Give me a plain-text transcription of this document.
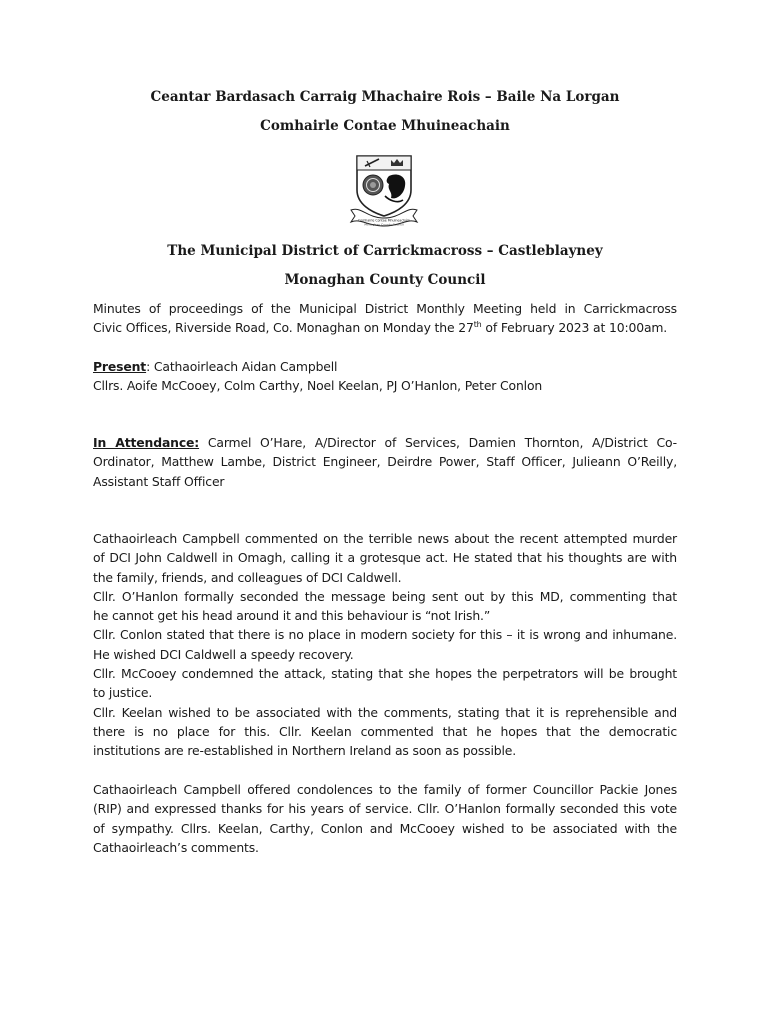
Ceantar Bardasach Carraig Mhachaire Rois – Baile Na Lorgan
Comhairle Contae Mhuineachain
Comhairle Contae Mhuineacháin
Monaghan County Council
The Municipal District of Carrickmacross – Castleblayney
Monaghan County Council

Minutes of proceedings of the Municipal District Monthly Meeting held in Carrickmacross
Civic Offices, Riverside Road, Co. Monaghan on Monday the 27th of February 2023 at 10:00am.

Present: Cathaoirleach Aidan Campbell
Cllrs. Aoife McCooey, Colm Carthy, Noel Keelan, PJ O’Hanlon, Peter Conlon

In Attendance: Carmel O’Hare, A/Director of Services, Damien Thornton, A/District Co-
Ordinator, Matthew Lambe, District Engineer, Deirdre Power, Staff Officer, Julieann O’Reilly,
Assistant Staff Officer

Cathaoirleach Campbell commented on the terrible news about the recent attempted murder
of DCI John Caldwell in Omagh, calling it a grotesque act. He stated that his thoughts are with
the family, friends, and colleagues of DCI Caldwell.
Cllr. O’Hanlon formally seconded the message being sent out by this MD, commenting that
he cannot get his head around it and this behaviour is “not Irish.”
Cllr. Conlon stated that there is no place in modern society for this – it is wrong and inhumane.
He wished DCI Caldwell a speedy recovery.
Cllr. McCooey condemned the attack, stating that she hopes the perpetrators will be brought
to justice.
Cllr. Keelan wished to be associated with the comments, stating that it is reprehensible and
there is no place for this. Cllr. Keelan commented that he hopes that the democratic
institutions are re-established in Northern Ireland as soon as possible.

Cathaoirleach Campbell offered condolences to the family of former Councillor Packie Jones
(RIP) and expressed thanks for his years of service. Cllr. O’Hanlon formally seconded this vote
of sympathy. Cllrs. Keelan, Carthy, Conlon and McCooey wished to be associated with the
Cathaoirleach’s comments.
